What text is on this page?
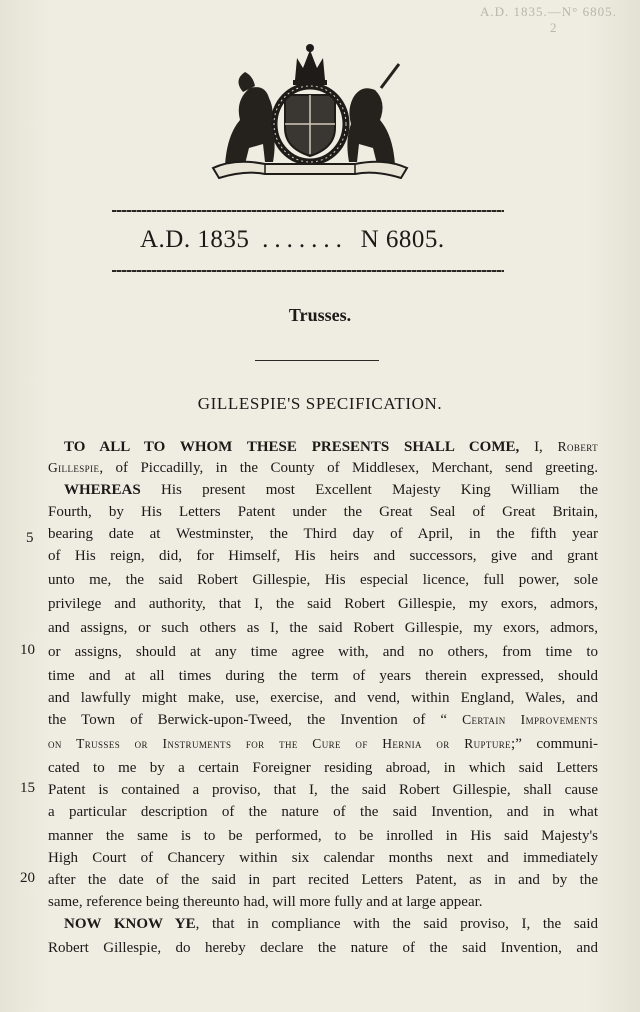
A.D. 1835.—N° 6805. 2
A.D. 1835 ....... N 6805.
Trusses.
GILLESPIE'S SPECIFICATION.
TO ALL TO WHOM THESE PRESENTS SHALL COME, I, Robert
Gillespie, of Piccadilly, in the County of Middlesex, Merchant, send greeting.
WHEREAS His present most Excellent Majesty King William the
Fourth, by His Letters Patent under the Great Seal of Great Britain,
bearing date at Westminster, the Third day of April, in the fifth year
of His reign, did, for Himself, His heirs and successors, give and grant
unto me, the said Robert Gillespie, His especial licence, full power, sole
privilege and authority, that I, the said Robert Gillespie, my exors, admors,
and assigns, or such others as I, the said Robert Gillespie, my exors, admors,
or assigns, should at any time agree with, and no others, from time to
time and at all times during the term of years therein expressed, should
and lawfully might make, use, exercise, and vend, within England, Wales, and
the Town of Berwick-upon-Tweed, the Invention of “ Certain Improvements
on Trusses or Instruments for the Cure of Hernia or Rupture;” communi-
cated to me by a certain Foreigner residing abroad, in which said Letters
Patent is contained a proviso, that I, the said Robert Gillespie, shall cause
a particular description of the nature of the said Invention, and in what
manner the same is to be performed, to be inrolled in His said Majesty's
High Court of Chancery within six calendar months next and immediately
after the date of the said in part recited Letters Patent, as in and by the
same, reference being thereunto had, will more fully and at large appear.
NOW KNOW YE, that in compliance with the said proviso, I, the said
Robert Gillespie, do hereby declare the nature of the said Invention, and
5
10
15
20
